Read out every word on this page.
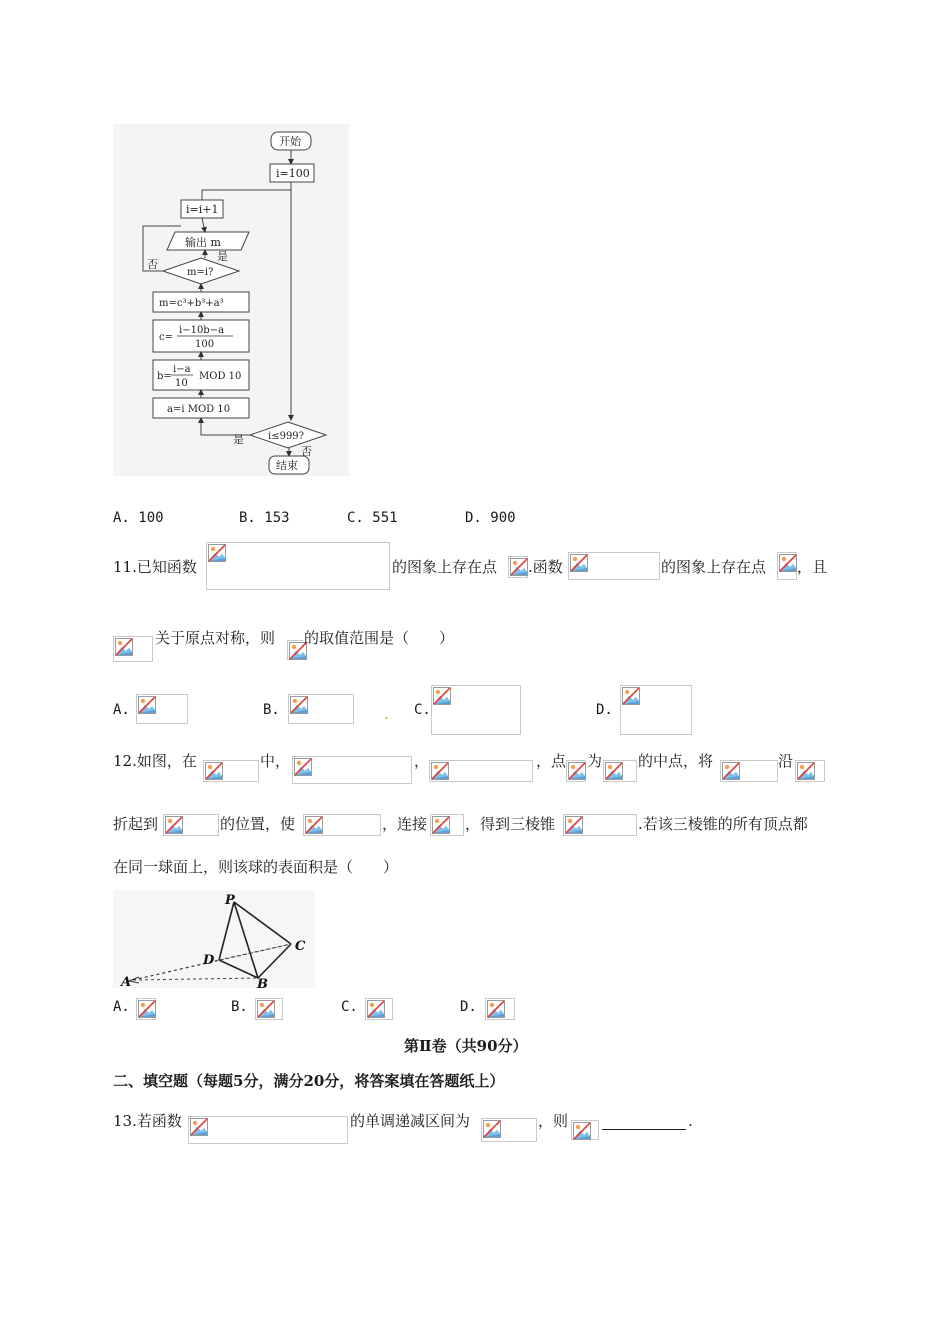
开始
i=100
i=i+1
输出 m
否
是
m=i?
m=c³+b³+a³
c=
i−10b−a
100
b=
i−a
10
MOD 10
a=i MOD 10
i≤999?
是
否
结束
A. 100	B. 153	C. 551	D. 900
11.已知函数	的图象上存在点 .函数	的图象上存在点 ，且
关于原点对称，则 的取值范围是（　　）
A.	B.	. C.	D.
12.如图，在	中，	，	，点 为 的中点，将	沿
折起到	的位置，使	，连接	，得到三棱锥	.若该三棱锥的所有顶点都
在同一球面上，则该球的表面积是（　　）
P
C
D
A	B
A.	B.	C.	D.
第Ⅱ卷（共90分）
二、填空题（每题5分，满分20分，将答案填在答题纸上）
13.若函数	的单调递减区间为	，则	.
